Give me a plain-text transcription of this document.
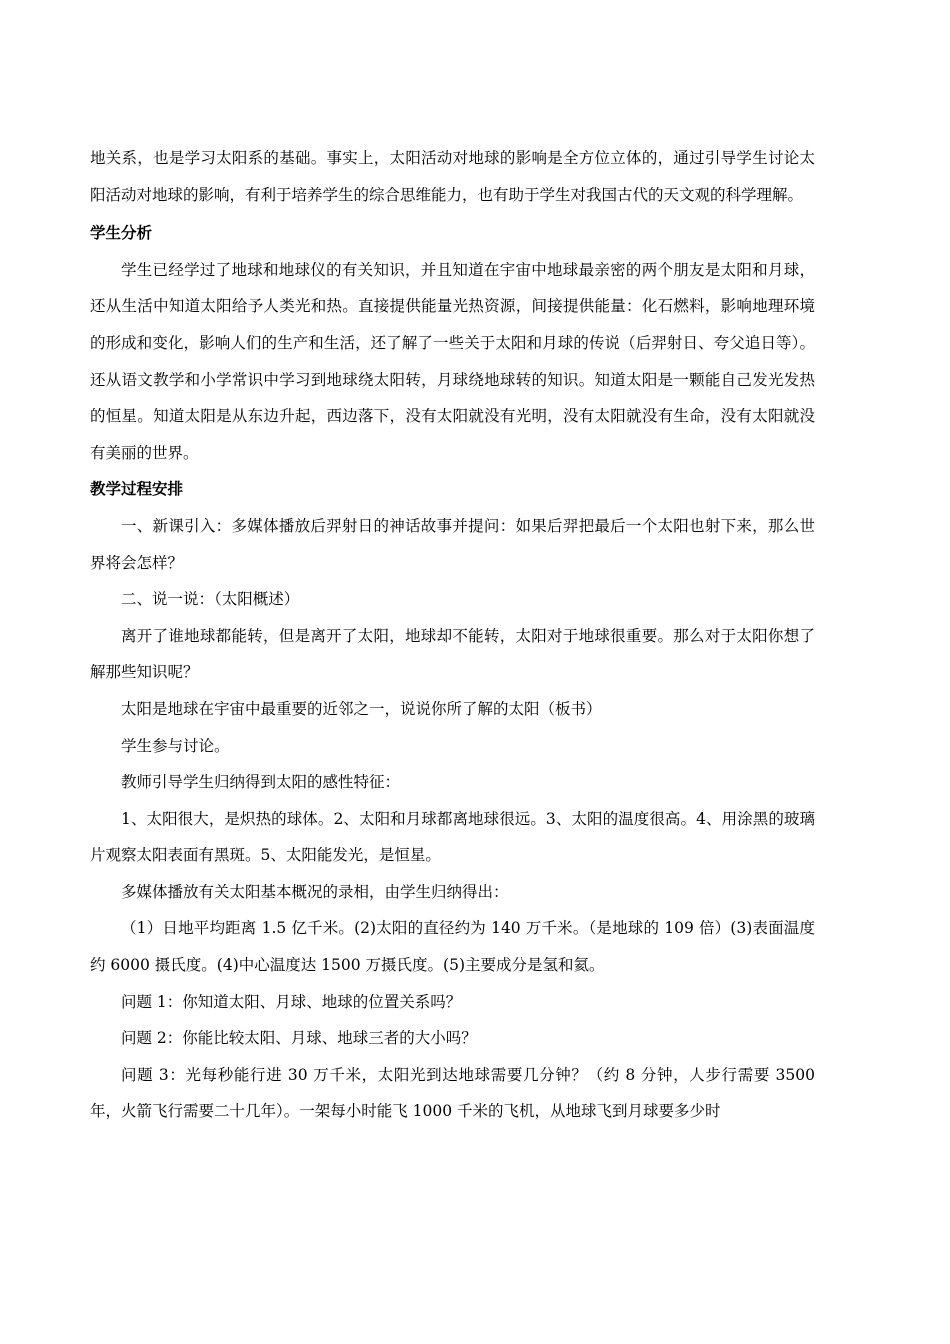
地关系，也是学习太阳系的基础。事实上，太阳活动对地球的影响是全方位立体的，通过引导学生讨论太阳活动对地球的影响，有利于培养学生的综合思维能力，也有助于学生对我国古代的天文观的科学理解。

学生分析

学生已经学过了地球和地球仪的有关知识，并且知道在宇宙中地球最亲密的两个朋友是太阳和月球，还从生活中知道太阳给予人类光和热。直接提供能量光热资源，间接提供能量：化石燃料，影响地理环境的形成和变化，影响人们的生产和生活，还了解了一些关于太阳和月球的传说（后羿射日、夸父追日等）。还从语文教学和小学常识中学习到地球绕太阳转，月球绕地球转的知识。知道太阳是一颗能自己发光发热的恒星。知道太阳是从东边升起，西边落下，没有太阳就没有光明，没有太阳就没有生命，没有太阳就没有美丽的世界。

教学过程安排

一、新课引入：多媒体播放后羿射日的神话故事并提问：如果后羿把最后一个太阳也射下来，那么世界将会怎样？

二、说一说：（太阳概述）

离开了谁地球都能转，但是离开了太阳，地球却不能转，太阳对于地球很重要。那么对于太阳你想了解那些知识呢？

太阳是地球在宇宙中最重要的近邻之一，说说你所了解的太阳（板书）

学生参与讨论。

教师引导学生归纳得到太阳的感性特征：

1、太阳很大，是炽热的球体。2、太阳和月球都离地球很远。3、太阳的温度很高。4、用涂黑的玻璃片观察太阳表面有黑斑。5、太阳能发光，是恒星。

多媒体播放有关太阳基本概况的录相，由学生归纳得出：

（1）日地平均距离 1.5 亿千米。(2)太阳的直径约为 140 万千米。（是地球的 109 倍）(3)表面温度约 6000 摄氏度。(4)中心温度达 1500 万摄氏度。(5)主要成分是氢和氦。

问题 1：你知道太阳、月球、地球的位置关系吗？

问题 2：你能比较太阳、月球、地球三者的大小吗？

问题 3：光每秒能行进 30 万千米，太阳光到达地球需要几分钟？（约 8 分钟，人步行需要 3500 年，火箭飞行需要二十几年）。一架每小时能飞 1000 千米的飞机，从地球飞到月球要多少时
